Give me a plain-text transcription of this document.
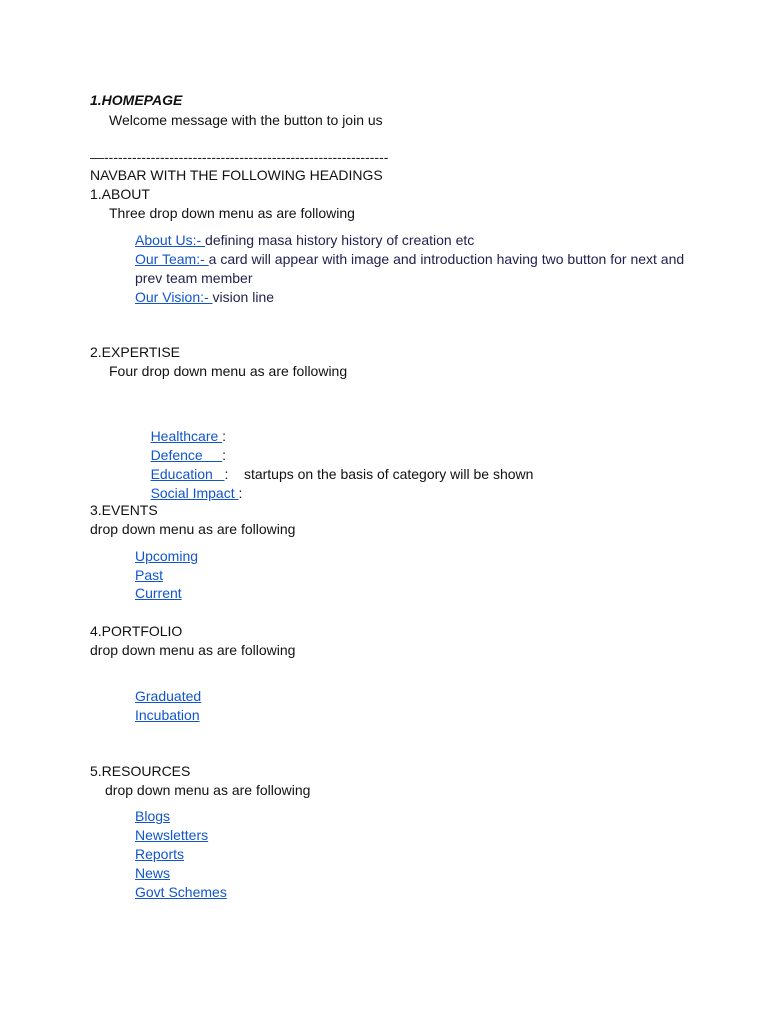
1.HOMEPAGE
Welcome message with the button to join us
—-------------------------------------------------------------
NAVBAR WITH THE FOLLOWING HEADINGS
1.ABOUT
Three drop down menu as are following
About Us:- defining masa history history of creation etc
Our Team:- a card will appear with image and introduction having two button for next and prev team member
Our Vision:- vision line
2.EXPERTISE
Four drop down menu as are following

Healthcare :

Defence     :

Education   :    startups on the basis of category will be shown

Social Impact :

3.EVENTS
drop down menu as are following
Upcoming
Past
Current
4.PORTFOLIO
drop down menu as are following
Graduated
Incubation
5.RESOURCES
drop down menu as are following
Blogs
Newsletters
Reports
News
Govt Schemes
